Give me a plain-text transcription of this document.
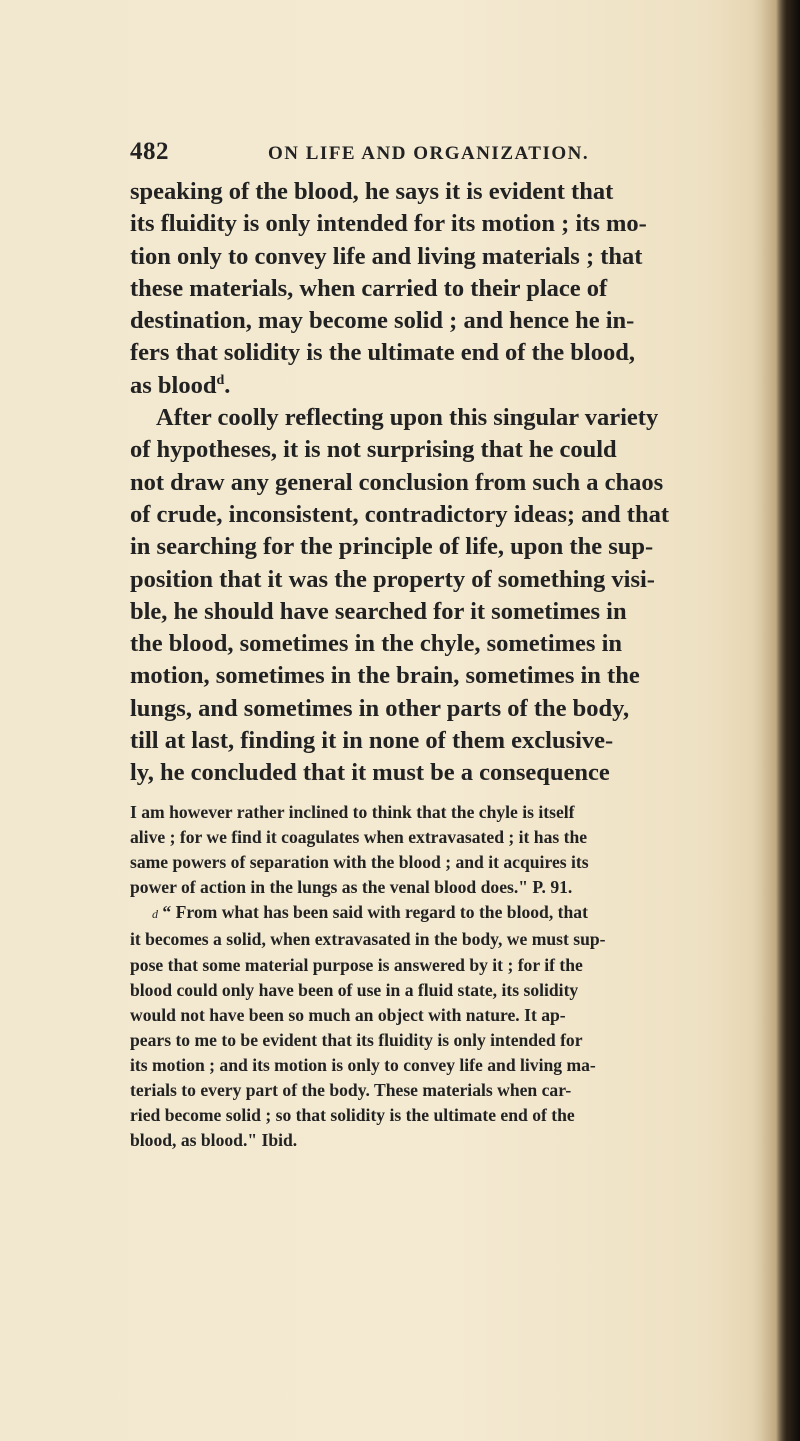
482	ON LIFE AND ORGANIZATION.
speaking of the blood, he says it is evident that
its fluidity is only intended for its motion ; its mo-
tion only to convey life and living materials ; that
these materials, when carried to their place of
destination, may become solid ; and hence he in-
fers that solidity is the ultimate end of the blood,
as blood$^d$.
After coolly reflecting upon this singular variety
of hypotheses, it is not surprising that he could
not draw any general conclusion from such a chaos
of crude, inconsistent, contradictory ideas; and that
in searching for the principle of life, upon the sup-
position that it was the property of something visi-
ble, he should have searched for it sometimes in
the blood, sometimes in the chyle, sometimes in
motion, sometimes in the brain, sometimes in the
lungs, and sometimes in other parts of the body,
till at last, finding it in none of them exclusive-
ly, he concluded that it must be a consequence
I am however rather inclined to think that the chyle is itself
alive ; for we find it coagulates when extravasated ; it has the
same powers of separation with the blood ; and it acquires its
power of action in the lungs as the venal blood does." P. 91.
d “ From what has been said with regard to the blood, that
it becomes a solid, when extravasated in the body, we must sup-
pose that some material purpose is answered by it ; for if the
blood could only have been of use in a fluid state, its solidity
would not have been so much an object with nature. It ap-
pears to me to be evident that its fluidity is only intended for
its motion ; and its motion is only to convey life and living ma-
terials to every part of the body. These materials when car-
ried become solid ; so that solidity is the ultimate end of the
blood, as blood." Ibid.
